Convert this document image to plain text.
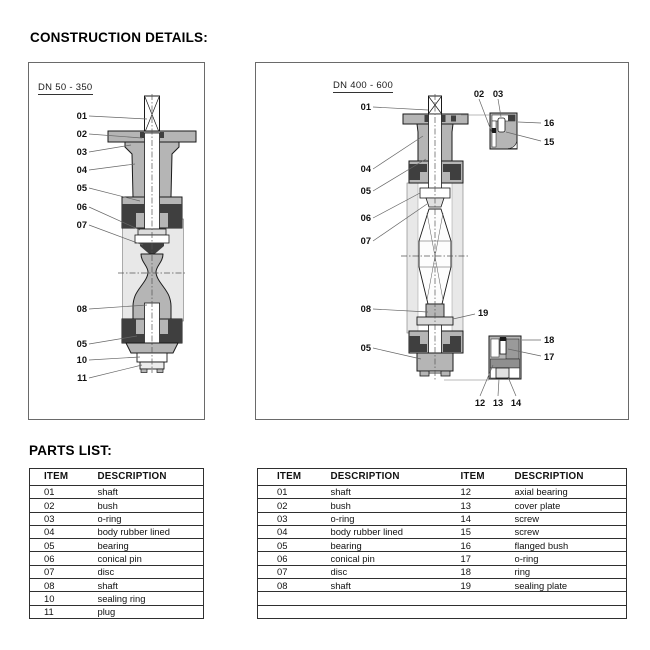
CONSTRUCTION DETAILS:
01
02
03
04
05
06
07
08
05
10
11
DN 50 - 350
01
04
05
06
07
08
05
19
02 03
16
15
18
17
12 13 14
DN 400 - 600
PARTS LIST:
ITEM	DESCRIPTION
01	shaft
02	bush
03	o-ring
04	body rubber lined
05	bearing
06	conical pin
07	disc
08	shaft
10	sealing ring
11	plug
ITEM	DESCRIPTION	ITEM	DESCRIPTION
01	shaft	12	axial bearing
02	bush	13	cover plate
03	o-ring	14	screw
04	body rubber lined	15	screw
05	bearing	16	flanged bush
06	conical pin	17	o-ring
07	disc	18	ring
08	shaft	19	sealing plate
